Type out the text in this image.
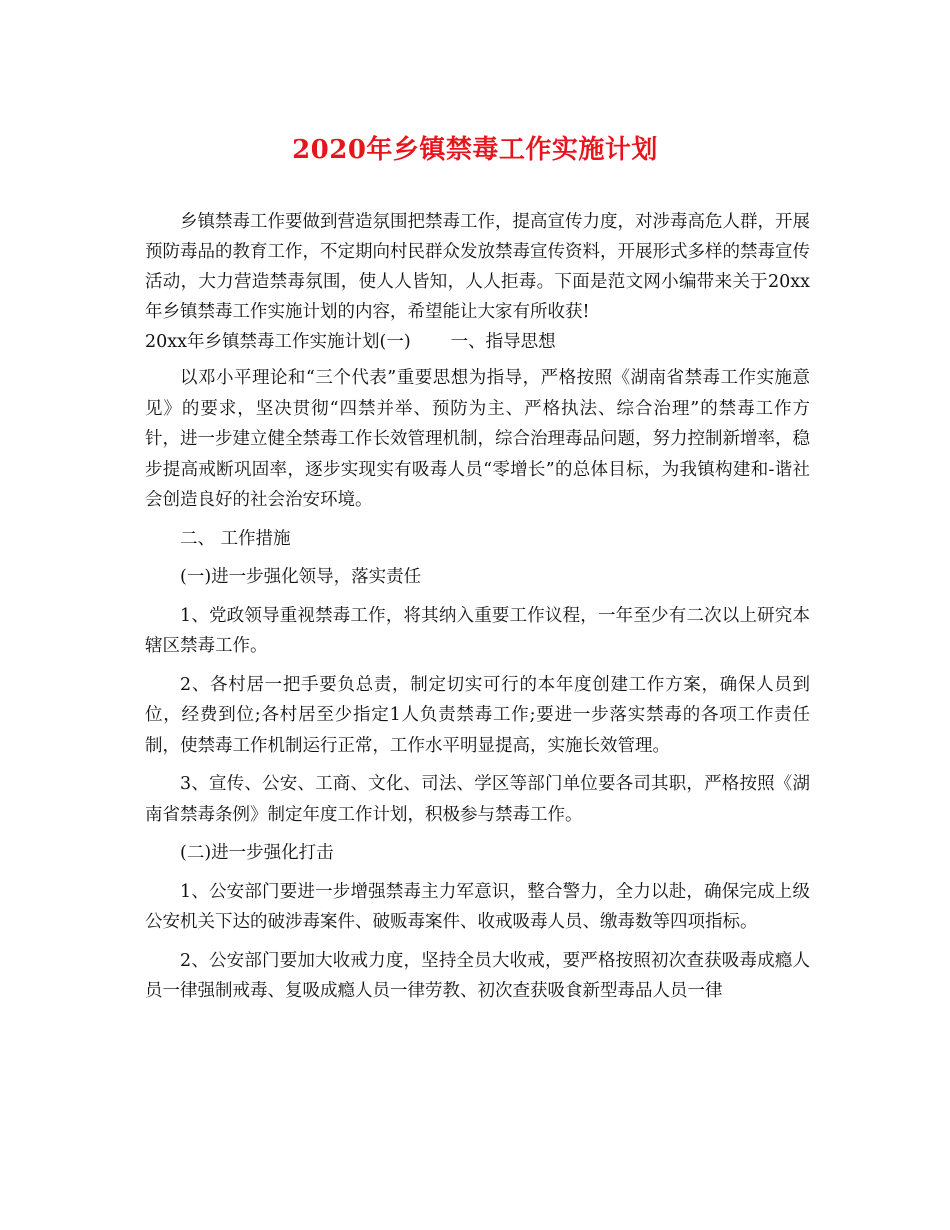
2020年乡镇禁毒工作实施计划

乡镇禁毒工作要做到营造氛围把禁毒工作，提高宣传力度，对涉毒高危人群，开展预防毒品的教育工作，不定期向村民群众发放禁毒宣传资料，开展形式多样的禁毒宣传活动，大力营造禁毒氛围，使人人皆知，人人拒毒。下面是范文网小编带来关于20xx年乡镇禁毒工作实施计划的内容，希望能让大家有所收获!

20xx年乡镇禁毒工作实施计划(一) 一、指导思想

以邓小平理论和“三个代表”重要思想为指导，严格按照《湖南省禁毒工作实施意见》的要求，坚决贯彻“四禁并举、预防为主、严格执法、综合治理”的禁毒工作方针，进一步建立健全禁毒工作长效管理机制，综合治理毒品问题，努力控制新增率，稳步提高戒断巩固率，逐步实现实有吸毒人员“零增长”的总体目标，为我镇构建和-谐社会创造良好的社会治安环境。

二、 工作措施

(一)进一步强化领导，落实责任

1、党政领导重视禁毒工作，将其纳入重要工作议程，一年至少有二次以上研究本辖区禁毒工作。

2、各村居一把手要负总责，制定切实可行的本年度创建工作方案，确保人员到位，经费到位;各村居至少指定1人负责禁毒工作;要进一步落实禁毒的各项工作责任制，使禁毒工作机制运行正常，工作水平明显提高，实施长效管理。

3、宣传、公安、工商、文化、司法、学区等部门单位要各司其职，严格按照《湖南省禁毒条例》制定年度工作计划，积极参与禁毒工作。

(二)进一步强化打击

1、公安部门要进一步增强禁毒主力军意识，整合警力，全力以赴，确保完成上级公安机关下达的破涉毒案件、破贩毒案件、收戒吸毒人员、缴毒数等四项指标。

2、公安部门要加大收戒力度，坚持全员大收戒，要严格按照初次查获吸毒成瘾人员一律强制戒毒、复吸成瘾人员一律劳教、初次查获吸食新型毒品人员一律
